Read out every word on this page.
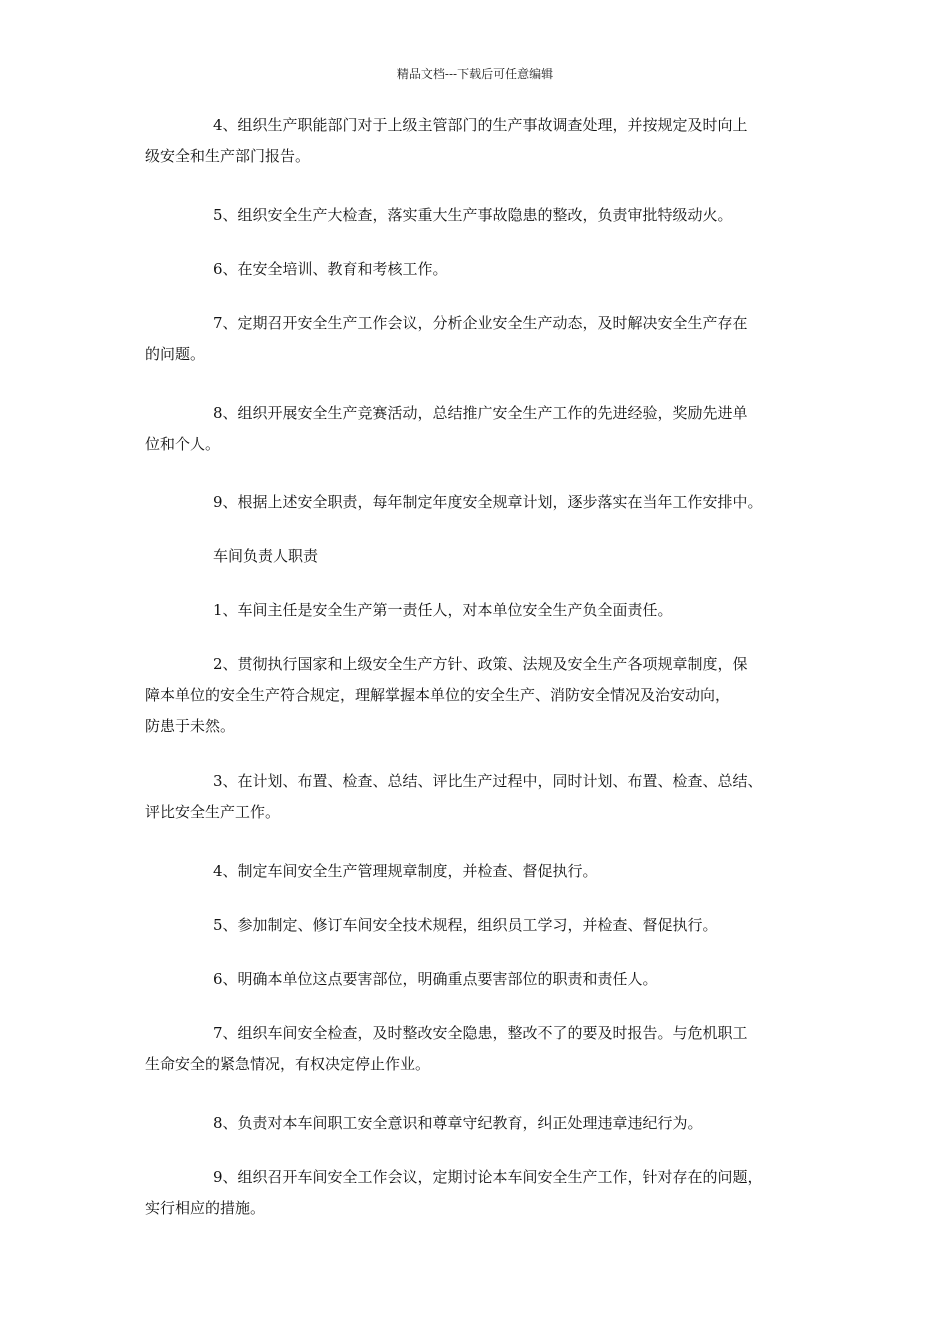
精品文档---下载后可任意编辑
4、组织生产职能部门对于上级主管部门的生产事故调查处理，并按规定及时向上
级安全和生产部门报告。
5、组织安全生产大检查，落实重大生产事故隐患的整改，负责审批特级动火。
6、在安全培训、教育和考核工作。
7、定期召开安全生产工作会议，分析企业安全生产动态，及时解决安全生产存在
的问题。
8、组织开展安全生产竞赛活动，总结推广安全生产工作的先进经验，奖励先进单
位和个人。
9、根据上述安全职责，每年制定年度安全规章计划，逐步落实在当年工作安排中。
车间负责人职责
1、车间主任是安全生产第一责任人，对本单位安全生产负全面责任。
2、贯彻执行国家和上级安全生产方针、政策、法规及安全生产各项规章制度，保
障本单位的安全生产符合规定，理解掌握本单位的安全生产、消防安全情况及治安动向，
防患于未然。
3、在计划、布置、检查、总结、评比生产过程中，同时计划、布置、检查、总结、
评比安全生产工作。
4、制定车间安全生产管理规章制度，并检查、督促执行。
5、参加制定、修订车间安全技术规程，组织员工学习，并检查、督促执行。
6、明确本单位这点要害部位，明确重点要害部位的职责和责任人。
7、组织车间安全检查，及时整改安全隐患，整改不了的要及时报告。与危机职工
生命安全的紧急情况，有权决定停止作业。
8、负责对本车间职工安全意识和尊章守纪教育，纠正处理违章违纪行为。
9、组织召开车间安全工作会议，定期讨论本车间安全生产工作，针对存在的问题，
实行相应的措施。
